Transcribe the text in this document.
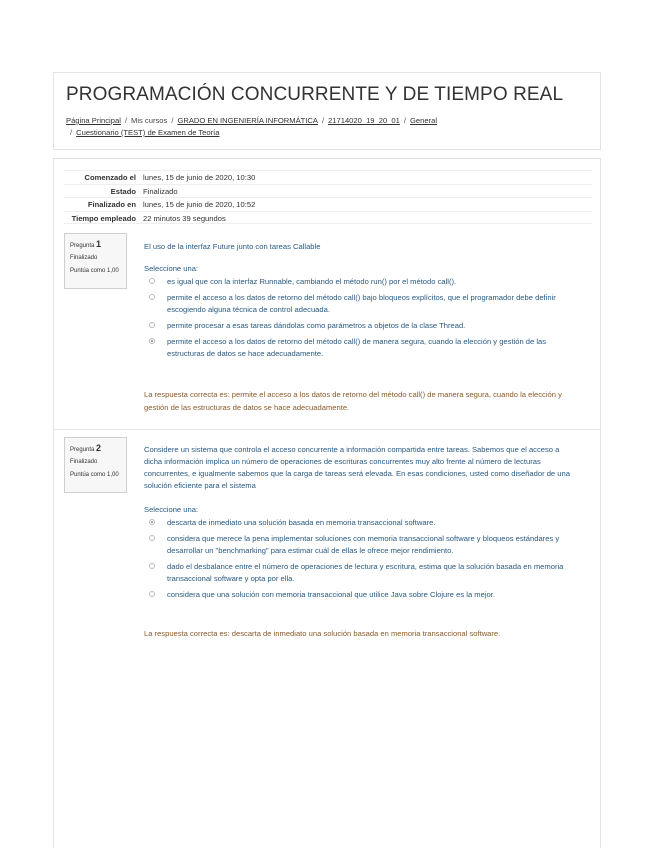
PROGRAMACIÓN CONCURRENTE Y DE TIEMPO REAL
Página Principal / Mis cursos / GRADO EN INGENIERÍA INFORMÁTICA / 21714020_19_20_01 / General
/ Cuestionario (TEST) de Examen de Teoría
Comenzado el lunes, 15 de junio de 2020, 10:30
Estado Finalizado
Finalizado en lunes, 15 de junio de 2020, 10:52
Tiempo empleado 22 minutos 39 segundos
Pregunta 1
Finalizado
Puntúa como 1,00
El uso de la interfaz Future junto con tareas Callable
Seleccione una:
es igual que con la interfaz Runnable, cambiando el método run() por el método call().
permite el acceso a los datos de retorno del método call() bajo bloqueos explícitos, que el programador debe definir escogiendo alguna técnica de control adecuada.
permite procesar a esas tareas dándolas como parámetros a objetos de la clase Thread.
permite el acceso a los datos de retorno del método call() de manera segura, cuando la elección y gestión de las estructuras de datos se hace adecuadamente.
La respuesta correcta es: permite el acceso a los datos de retorno del método call() de manera segura, cuando la elección y gestión de las estructuras de datos se hace adecuadamente.
Pregunta 2
Finalizado
Puntúa como 1,00
Considere un sistema que controla el acceso concurrente a información compartida entre tareas. Sabemos que el acceso a dicha información implica un número de operaciones de escrituras concurrentes muy alto frente al número de lecturas concurrentes, e igualmente sabemos que la carga de tareas será elevada. En esas condiciones, usted como diseñador de una solución eficiente para el sistema
Seleccione una:
descarta de inmediato una solución basada en memoria transaccional software.
considera que merece la pena implementar soluciones con memoria transaccional software y bloqueos estándares y desarrollar un "benchmarking" para estimar cuál de ellas le ofrece mejor rendimiento.
dado el desbalance entre el número de operaciones de lectura y escritura, estima que la solución basada en memoria transaccional software y opta por ella.
considera que una solución con memoria transaccional que utilice Java sobre Clojure es la mejor.
La respuesta correcta es: descarta de inmediato una solución basada en memoria transaccional software.
